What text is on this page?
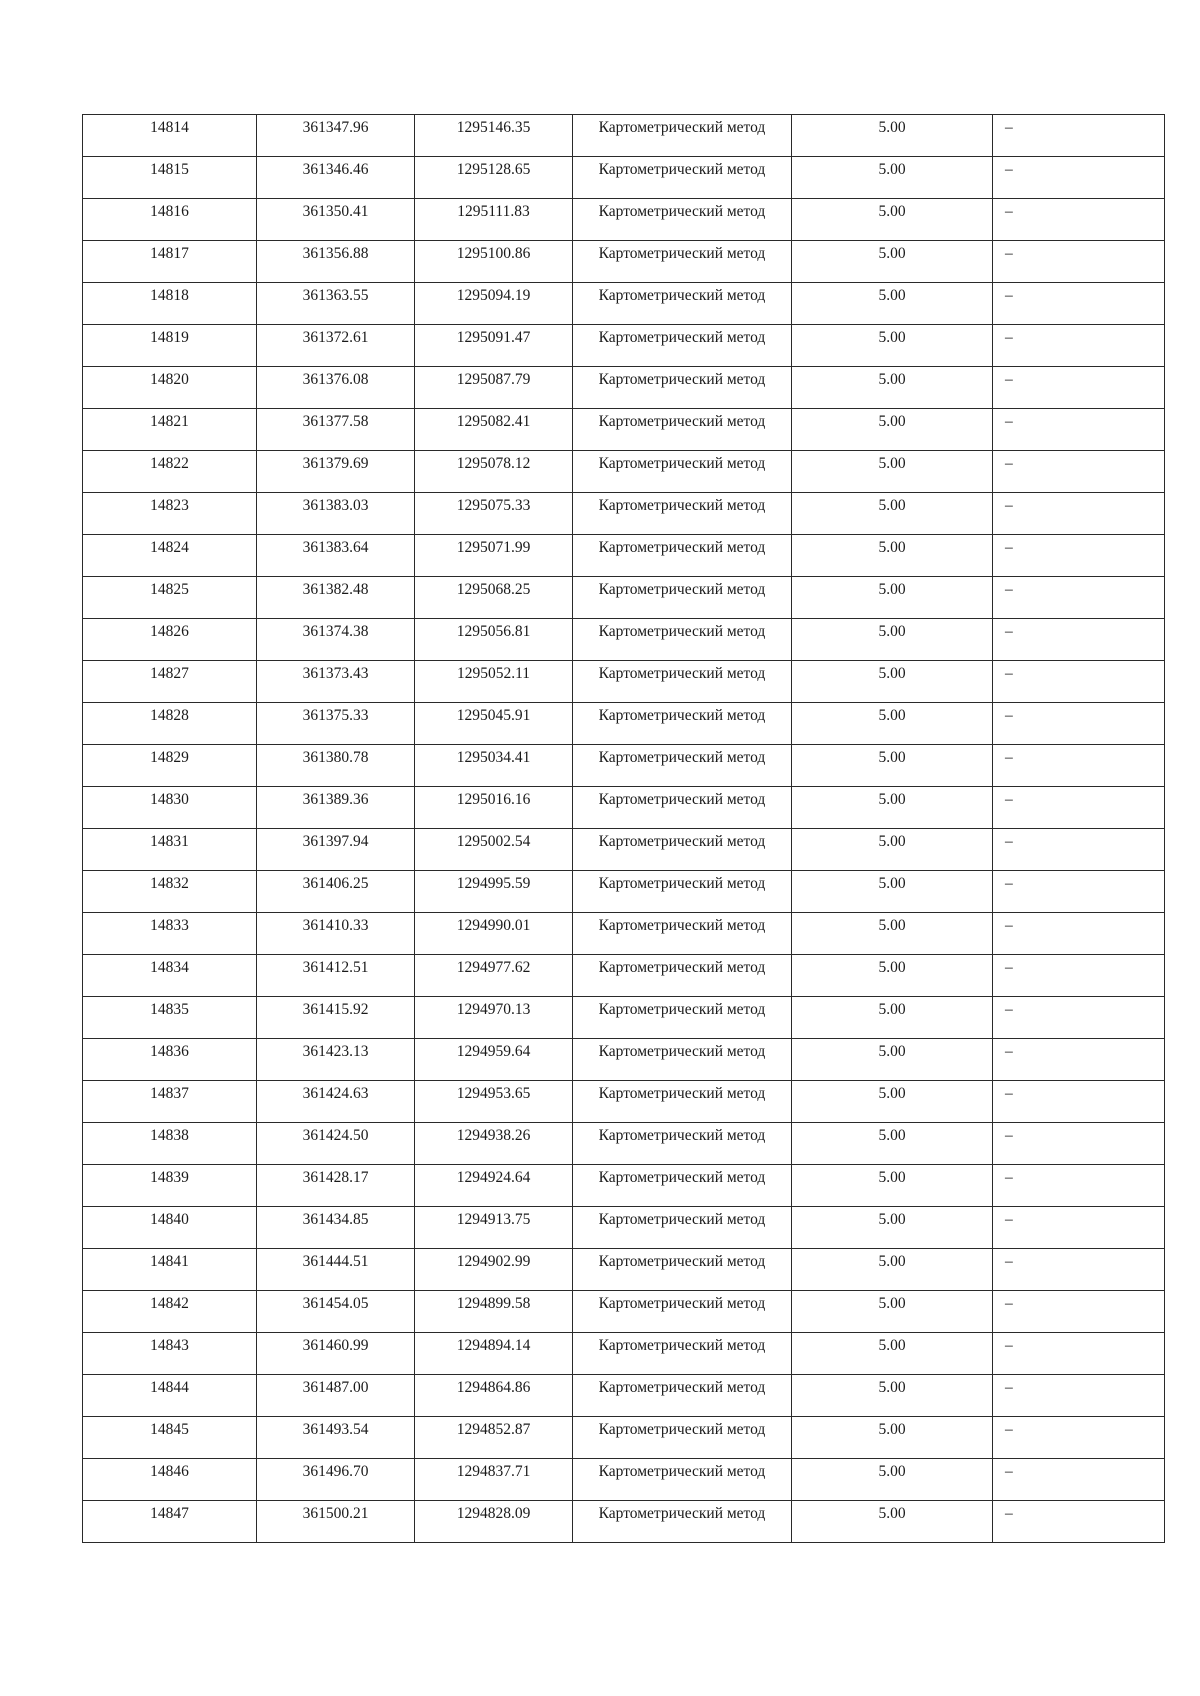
14814	361347.96	1295146.35	Картометрический метод	5.00	–
14815	361346.46	1295128.65	Картометрический метод	5.00	–
14816	361350.41	1295111.83	Картометрический метод	5.00	–
14817	361356.88	1295100.86	Картометрический метод	5.00	–
14818	361363.55	1295094.19	Картометрический метод	5.00	–
14819	361372.61	1295091.47	Картометрический метод	5.00	–
14820	361376.08	1295087.79	Картометрический метод	5.00	–
14821	361377.58	1295082.41	Картометрический метод	5.00	–
14822	361379.69	1295078.12	Картометрический метод	5.00	–
14823	361383.03	1295075.33	Картометрический метод	5.00	–
14824	361383.64	1295071.99	Картометрический метод	5.00	–
14825	361382.48	1295068.25	Картометрический метод	5.00	–
14826	361374.38	1295056.81	Картометрический метод	5.00	–
14827	361373.43	1295052.11	Картометрический метод	5.00	–
14828	361375.33	1295045.91	Картометрический метод	5.00	–
14829	361380.78	1295034.41	Картометрический метод	5.00	–
14830	361389.36	1295016.16	Картометрический метод	5.00	–
14831	361397.94	1295002.54	Картометрический метод	5.00	–
14832	361406.25	1294995.59	Картометрический метод	5.00	–
14833	361410.33	1294990.01	Картометрический метод	5.00	–
14834	361412.51	1294977.62	Картометрический метод	5.00	–
14835	361415.92	1294970.13	Картометрический метод	5.00	–
14836	361423.13	1294959.64	Картометрический метод	5.00	–
14837	361424.63	1294953.65	Картометрический метод	5.00	–
14838	361424.50	1294938.26	Картометрический метод	5.00	–
14839	361428.17	1294924.64	Картометрический метод	5.00	–
14840	361434.85	1294913.75	Картометрический метод	5.00	–
14841	361444.51	1294902.99	Картометрический метод	5.00	–
14842	361454.05	1294899.58	Картометрический метод	5.00	–
14843	361460.99	1294894.14	Картометрический метод	5.00	–
14844	361487.00	1294864.86	Картометрический метод	5.00	–
14845	361493.54	1294852.87	Картометрический метод	5.00	–
14846	361496.70	1294837.71	Картометрический метод	5.00	–
14847	361500.21	1294828.09	Картометрический метод	5.00	–
